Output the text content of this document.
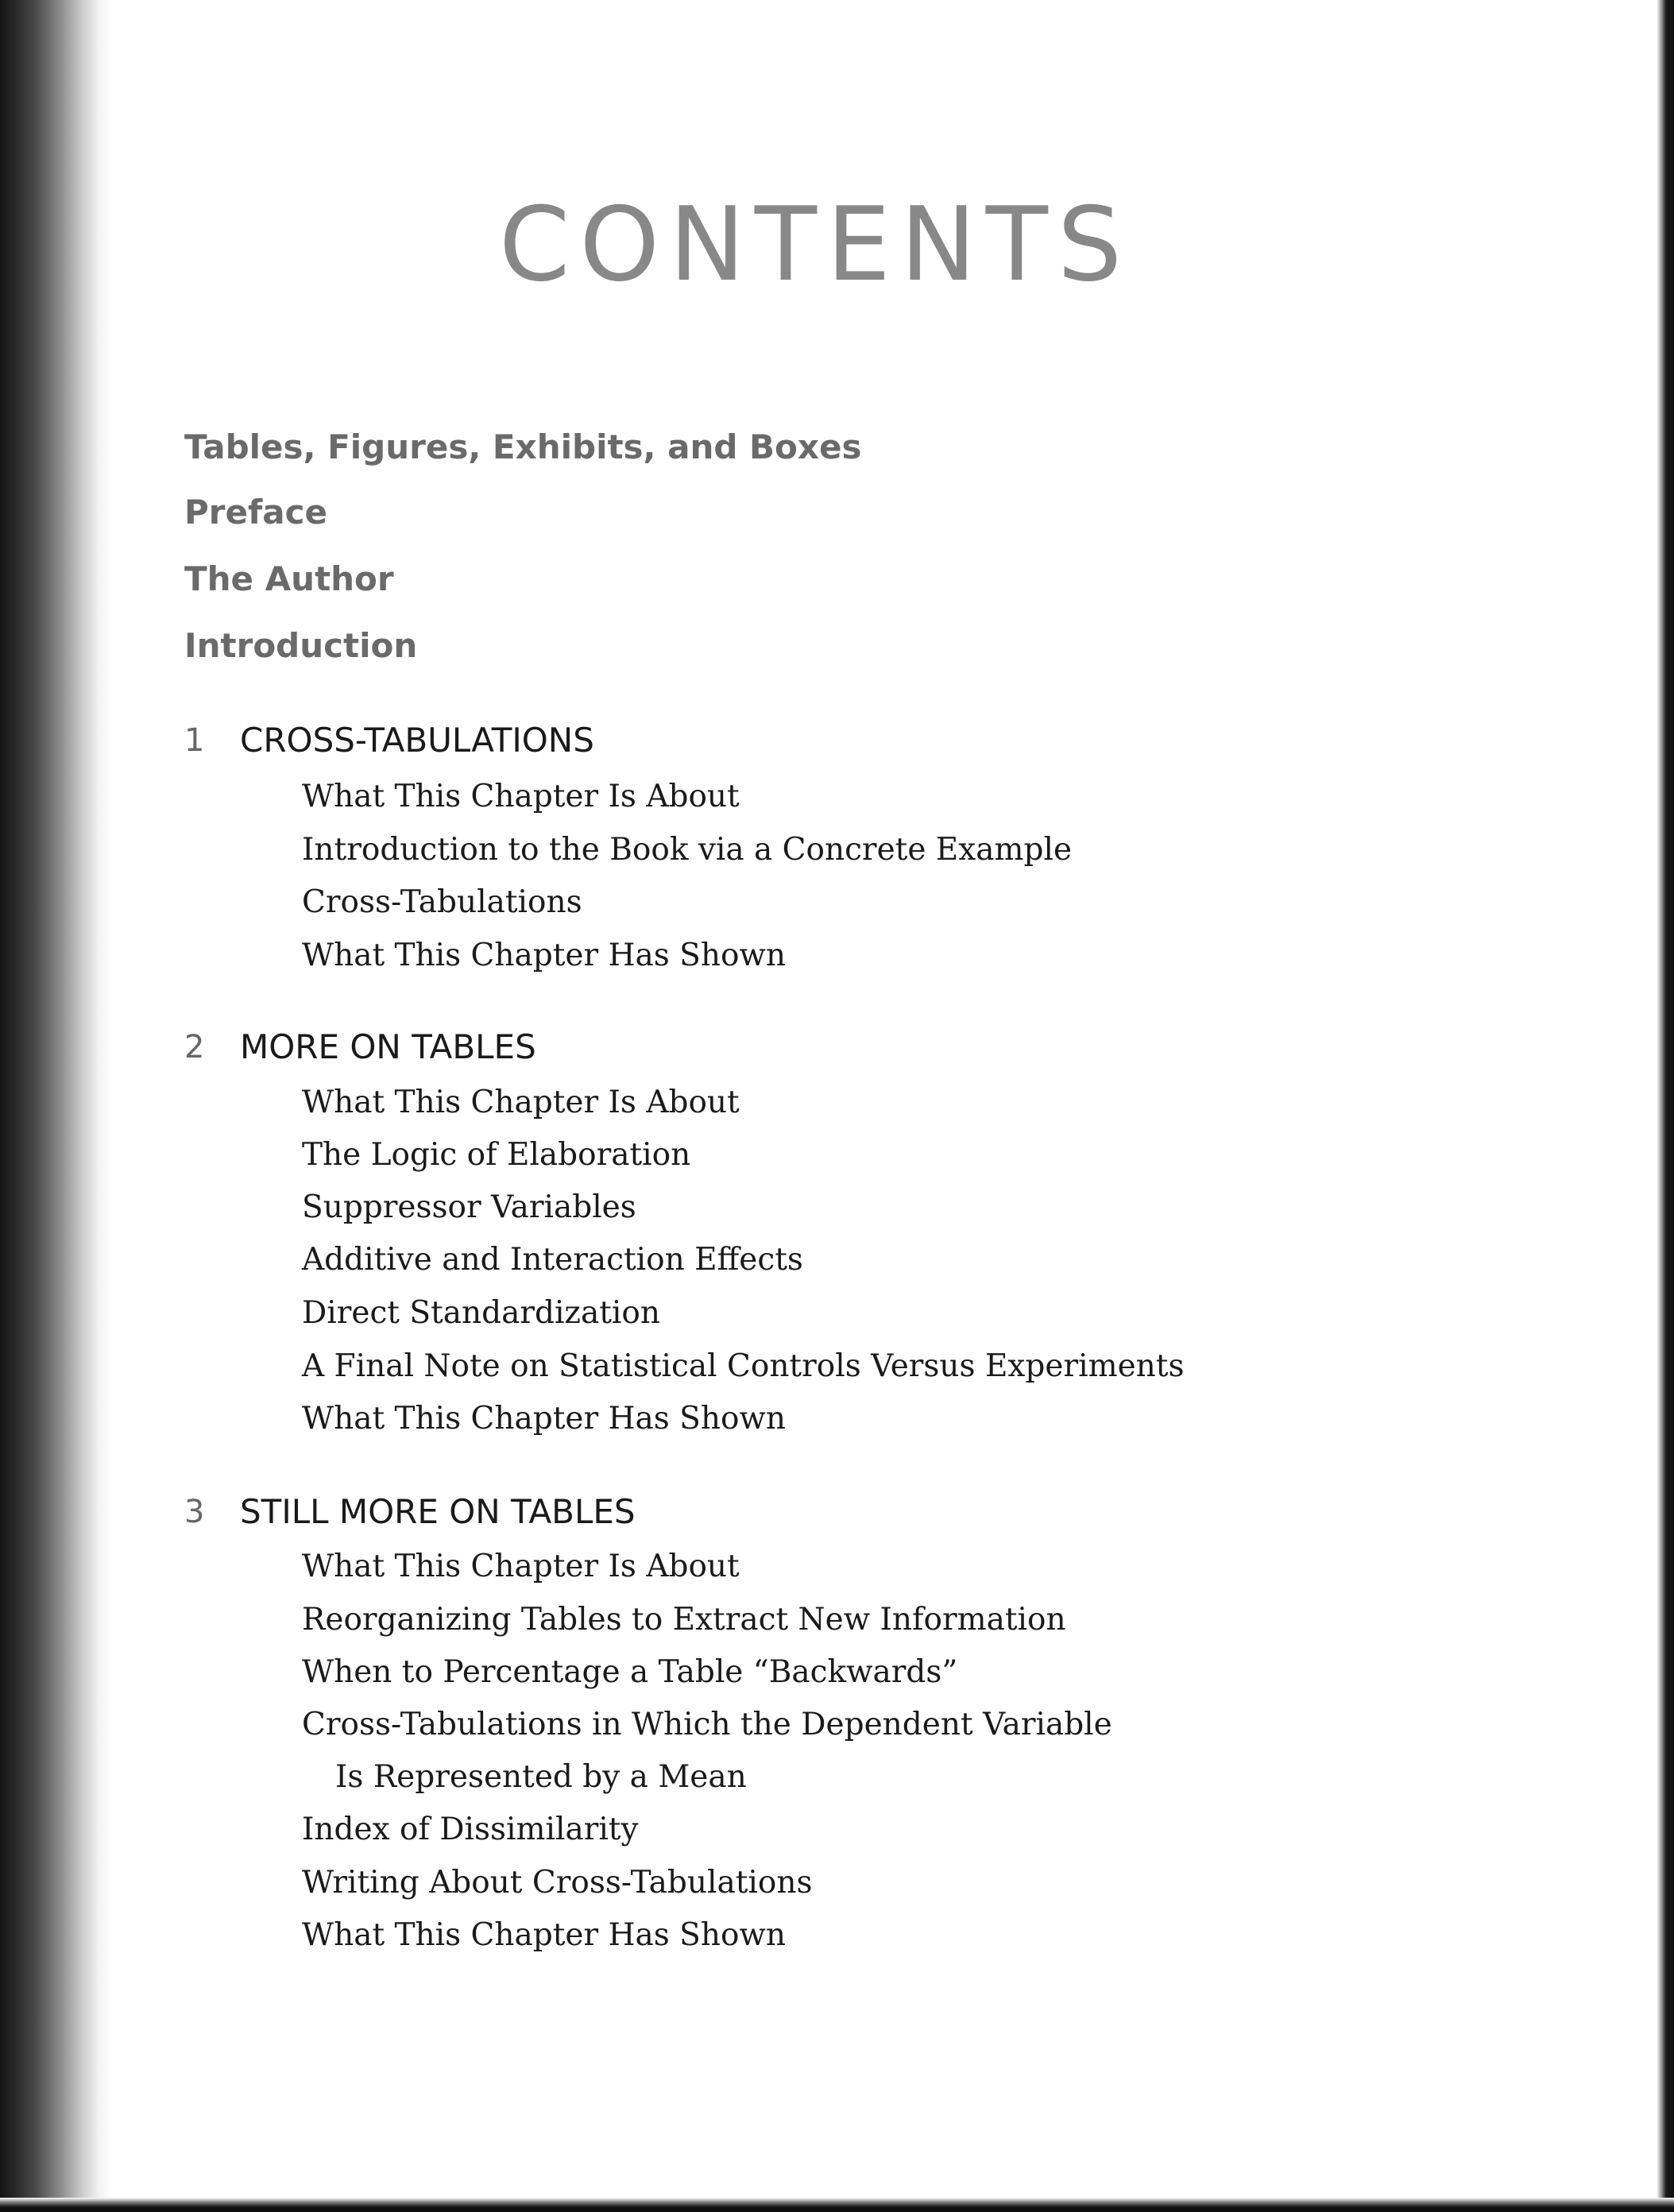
CONTENTS
Tables, Figures, Exhibits, and Boxes
Preface
The Author
Introduction
1 CROSS-TABULATIONS
What This Chapter Is About
Introduction to the Book via a Concrete Example
Cross-Tabulations
What This Chapter Has Shown
2 MORE ON TABLES
What This Chapter Is About
The Logic of Elaboration
Suppressor Variables
Additive and Interaction Effects
Direct Standardization
A Final Note on Statistical Controls Versus Experiments
What This Chapter Has Shown
3 STILL MORE ON TABLES
What This Chapter Is About
Reorganizing Tables to Extract New Information
When to Percentage a Table “Backwards”
Cross-Tabulations in Which the Dependent Variable
Is Represented by a Mean
Index of Dissimilarity
Writing About Cross-Tabulations
What This Chapter Has Shown
